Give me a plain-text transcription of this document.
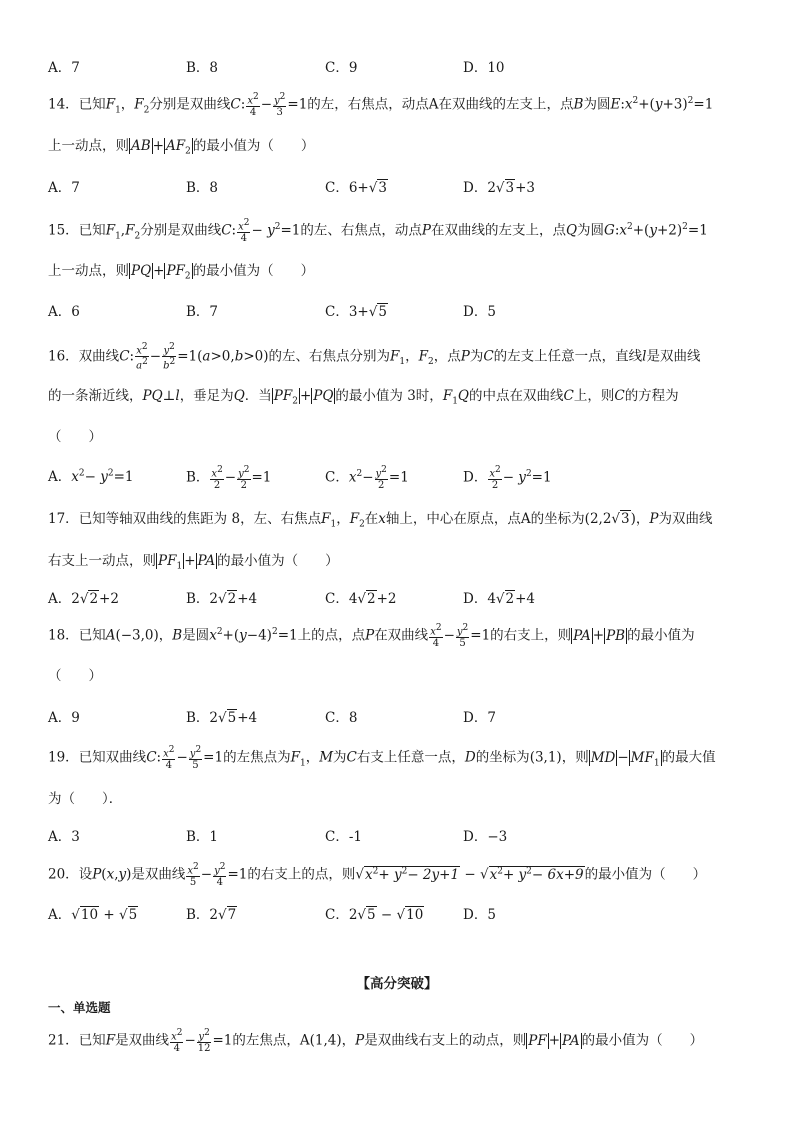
A．7	B．8	C．9	D．10
14．已知$F_1$，$F_2$分别是双曲线C: $\frac{x^2}{4} - \frac{y^2}{3} =1$的左，右焦点，动点A在双曲线的左支上，点B为圆$E:x^2+(y+3)^2=1$
上一动点，则 AB + $AF_2$ 的最小值为（　　）
A．7	B．8	C．6+√3	D．2√3+3
15．已知$F_1,F_2$分别是双曲线C: $\frac{x^2}{4} - y^2=1$的左、右焦点，动点P在双曲线的左支上，点Q为圆$G:x^2+(y+2)^2=1$
上一动点，则 PQ + $PF_2$ 的最小值为（　　）
A．6	B．7	C．3+√5	D．5
16．双曲线C: $\frac{x^2}{a^2} - \frac{y^2}{b^2} =1(a>0,b>0)$的左、右焦点分别为$F_1$，$F_2$，点P为C的左支上任意一点，直线l是双曲线
的一条渐近线，PQ⊥l，垂足为Q．当 $PF_2$ + PQ 的最小值为 3时，$F_1Q$的中点在双曲线C上，则C的方程为
（　　）
A．$x^2- y^2=1$	B． $\frac{x^2}{2} - \frac{y^2}{2} =1$	C．$x^2- \frac{y^2}{2} =1$	D． $\frac{x^2}{2} - y^2=1$
17．已知等轴双曲线的焦距为 8，左、右焦点$F_1$，$F_2$在x轴上，中心在原点，点A的坐标为(2,2√3)，P为双曲线
右支上一动点，则 $PF_1$ + PA 的最小值为（　　）
A．2√2+2	B．2√2+4	C．4√2+2	D．4√2+4
18．已知A(−3,0)，B是圆$x^2+(y-4)^2=1$上的点，点P在双曲线 $\frac{x^2}{4} - \frac{y^2}{5} =1$的右支上，则 PA + PB 的最小值为
（　　）
A．9	B．2√5+4	C．8	D．7
19．已知双曲线C: $\frac{x^2}{4} - \frac{y^2}{5} =1$的左焦点为$F_1$，M为C右支上任意一点，D的坐标为(3,1)，则 MD − $MF_1$ 的最大值
为（　　）．
A．3	B．1	C．-1	D．−3
20．设P(x,y)是双曲线 $\frac{x^2}{5} - \frac{y^2}{4} =1$的右支上的点，则$√x^2+ y^2- 2y+1 - √x^2+ y^2- 6x+9$的最小值为（　　）
A．√10 + √5	B．2√7	C．2√5 − √10	D．5
【高分突破】
一、单选题
21．已知F是双曲线 $\frac{x^2}{4} - \frac{y^2}{12} =1$的左焦点，A(1,4)，P是双曲线右支上的动点，则 PF + PA 的最小值为（　　）
